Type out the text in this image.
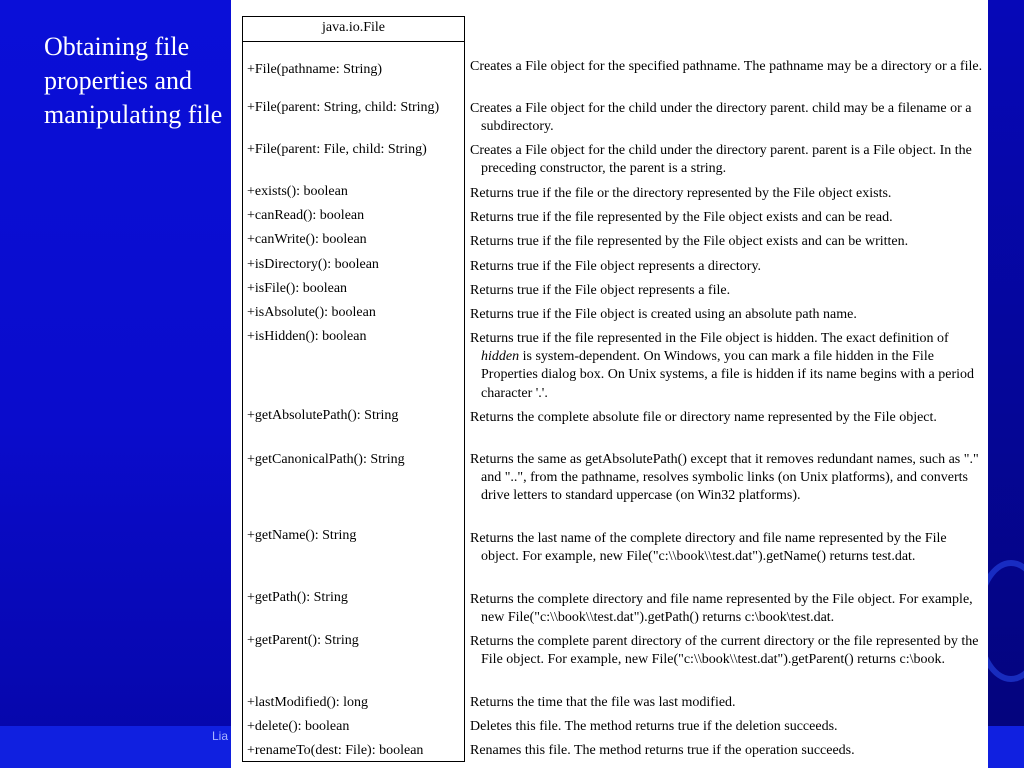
Lia
Obtaining file properties and manipulating file
java.io.File
+File(pathname: String)
+File(parent: String, child: String)
+File(parent: File, child: String)
+exists(): boolean
+canRead(): boolean
+canWrite(): boolean
+isDirectory(): boolean
+isFile(): boolean
+isAbsolute(): boolean
+isHidden(): boolean
+getAbsolutePath(): String
+getCanonicalPath(): String
+getName(): String
+getPath(): String
+getParent(): String
+lastModified(): long
+delete(): boolean
+renameTo(dest: File): boolean
Creates a File object for the specified pathname. The pathname may be a directory or a file.
Creates a File object for the child under the directory parent. child may be a filename or a subdirectory.
Creates a File object for the child under the directory parent. parent is a File object. In the preceding constructor, the parent is a string.
Returns true if the file or the directory represented by the File object exists.
Returns true if the file represented by the File object exists and can be read.
Returns true if the file represented by the File object exists and can be written.
Returns true if the File object represents a directory.
Returns true if the File object represents a file.
Returns true if the File object is created using an absolute path name.
Returns true if the file represented in the File object is hidden. The exact definition of hidden is system-dependent. On Windows, you can mark a file hidden in the File Properties dialog box. On Unix systems, a file is hidden if its name begins with a period character '.'.
Returns the complete absolute file or directory name represented by the File object.
Returns the same as getAbsolutePath() except that it removes redundant names, such as "." and "..", from the pathname, resolves symbolic links (on Unix platforms), and converts drive letters to standard uppercase (on Win32 platforms).
Returns the last name of the complete directory and file name represented by the File object. For example, new File("c:\\book\\test.dat").getName() returns test.dat.
Returns the complete directory and file name represented by the File object. For example, new File("c:\\book\\test.dat").getPath() returns c:\book\test.dat.
Returns the complete parent directory of the current directory or the file represented by the File object. For example, new File("c:\\book\\test.dat").getParent() returns c:\book.
Returns the time that the file was last modified.
Deletes this file. The method returns true if the deletion succeeds.
Renames this file. The method returns true if the operation succeeds.
